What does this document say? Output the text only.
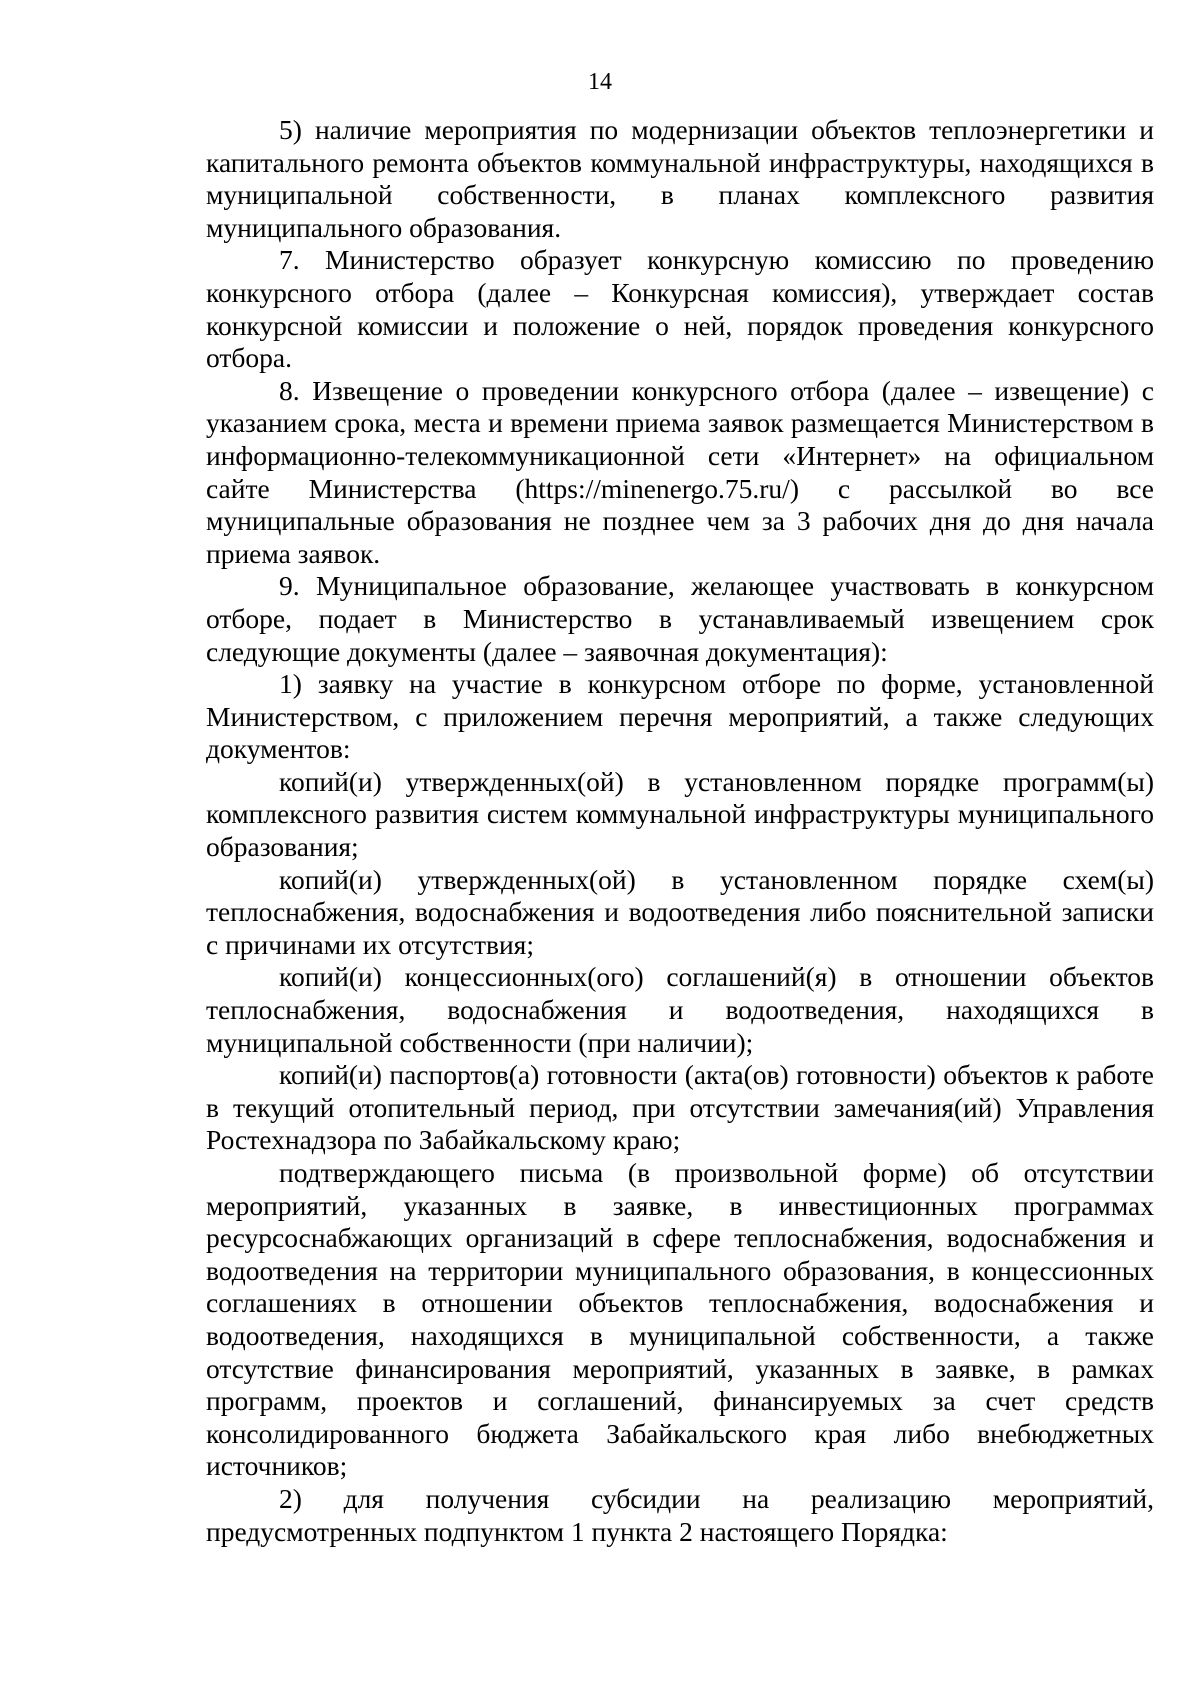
14

5) наличие мероприятия по модернизации объектов теплоэнергетики и капитального ремонта объектов коммунальной инфраструктуры, находящихся в муниципальной собственности, в планах комплексного развития муниципального образования.

7. Министерство образует конкурсную комиссию по проведению конкурсного отбора (далее – Конкурсная комиссия), утверждает состав конкурсной комиссии и положение о ней, порядок проведения конкурсного отбора.

8. Извещение о проведении конкурсного отбора (далее – извещение) с указанием срока, места и времени приема заявок размещается Министерством в информационно-телекоммуникационной сети «Интернет» на официальном сайте Министерства (https://minenergo.75.ru/) с рассылкой во все муниципальные образования не позднее чем за 3 рабочих дня до дня начала приема заявок.

9. Муниципальное образование, желающее участвовать в конкурсном отборе, подает в Министерство в устанавливаемый извещением срок следующие документы (далее – заявочная документация):

1) заявку на участие в конкурсном отборе по форме, установленной Министерством, с приложением перечня мероприятий, а также следующих документов:

копий(и) утвержденных(ой) в установленном порядке программ(ы) комплексного развития систем коммунальной инфраструктуры муниципального образования;

копий(и) утвержденных(ой) в установленном порядке схем(ы) теплоснабжения, водоснабжения и водоотведения либо пояснительной записки с причинами их отсутствия;

копий(и) концессионных(ого) соглашений(я) в отношении объектов теплоснабжения, водоснабжения и водоотведения, находящихся в муниципальной собственности (при наличии);

копий(и) паспортов(а) готовности (акта(ов) готовности) объектов к работе в текущий отопительный период, при отсутствии замечания(ий) Управления Ростехнадзора по Забайкальскому краю;

подтверждающего письма (в произвольной форме) об отсутствии мероприятий, указанных в заявке, в инвестиционных программах ресурсоснабжающих организаций в сфере теплоснабжения, водоснабжения и водоотведения на территории муниципального образования, в концессионных соглашениях в отношении объектов теплоснабжения, водоснабжения и водоотведения, находящихся в муниципальной собственности, а также отсутствие финансирования мероприятий, указанных в заявке, в рамках программ, проектов и соглашений, финансируемых за счет средств консолидированного бюджета Забайкальского края либо внебюджетных источников;

2) для получения субсидии на реализацию мероприятий, предусмотренных подпунктом 1 пункта 2 настоящего Порядка:
